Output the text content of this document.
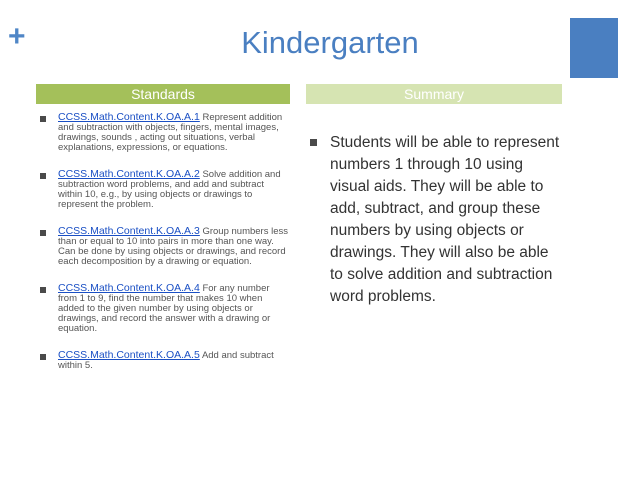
+	Kindergarten
Standards	Summary
CCSS.Math.Content.K.OA.A.1 Represent addition and subtraction with objects, fingers, mental images, drawings, sounds , acting out situations, verbal explanations, expressions, or equations.
CCSS.Math.Content.K.OA.A.2 Solve addition and subtraction word problems, and add and subtract within 10, e.g., by using objects or drawings to represent the problem.
CCSS.Math.Content.K.OA.A.3 Group numbers less than or equal to 10 into pairs in more than one way. Can be done by using objects or drawings, and record each decomposition by a drawing or equation.
CCSS.Math.Content.K.OA.A.4 For any number from 1 to 9, find the number that makes 10 when added to the given number by using objects or drawings, and record the answer with a drawing or equation.
CCSS.Math.Content.K.OA.A.5 Add and subtract within 5.
Students will be able to represent numbers 1 through 10 using visual aids. They will be able to add, subtract, and group these numbers by using objects or drawings. They will also be able to solve addition and subtraction word problems.
